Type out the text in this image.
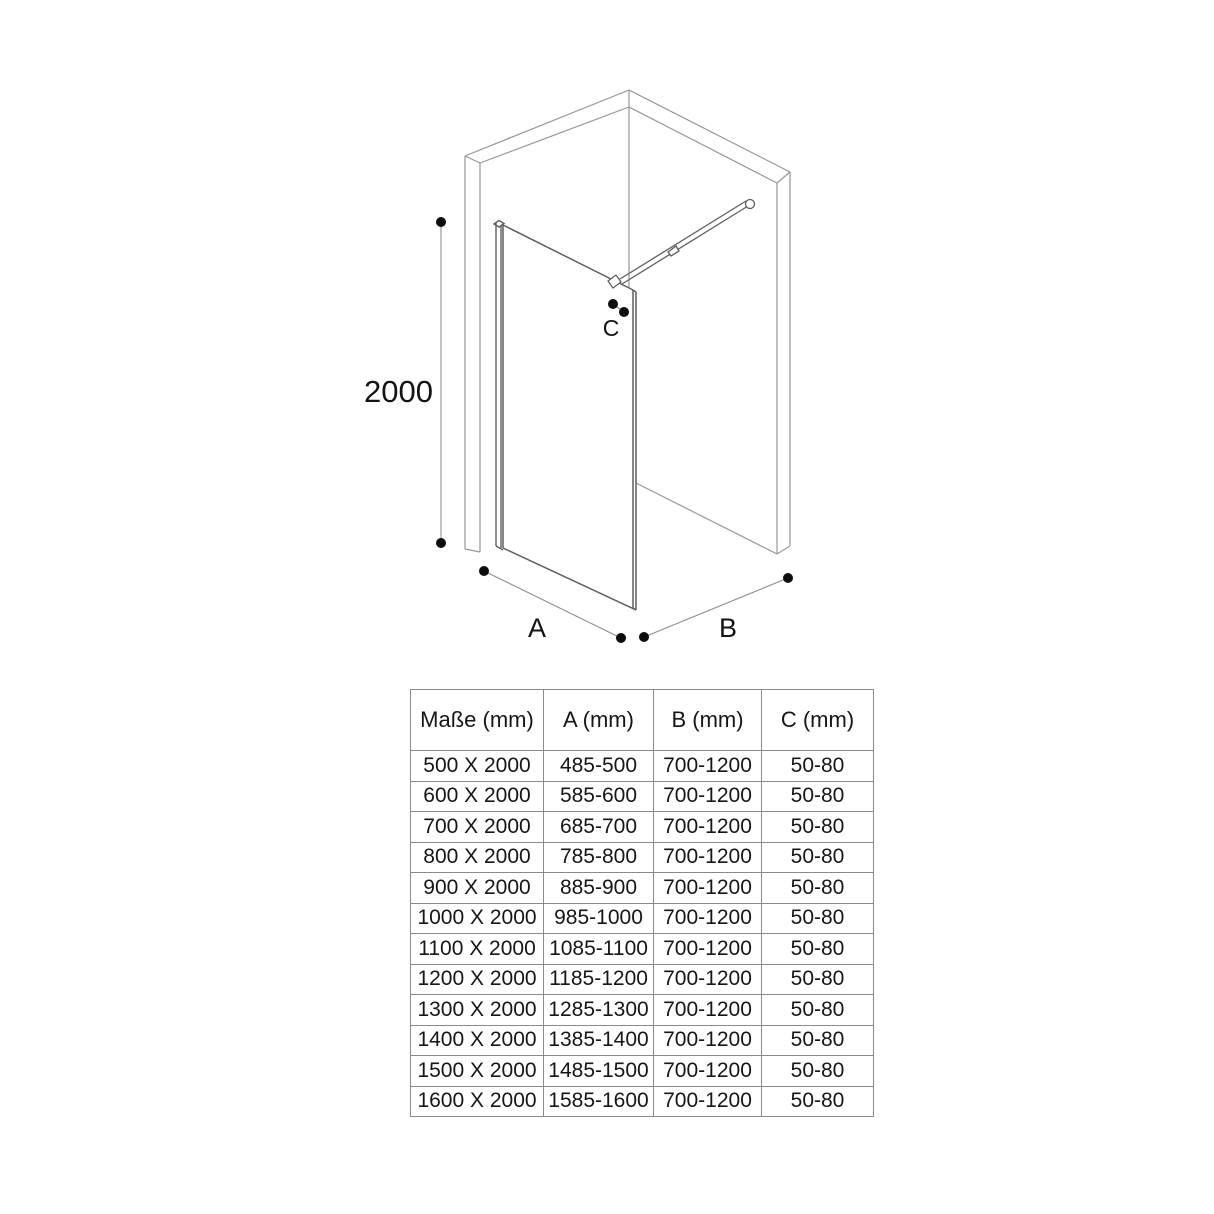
2000
A	B
C
Maße (mm)	A (mm)	B (mm)	C (mm)
500 X 2000	485-500	700-1200	50-80
600 X 2000	585-600	700-1200	50-80
700 X 2000	685-700	700-1200	50-80
800 X 2000	785-800	700-1200	50-80
900 X 2000	885-900	700-1200	50-80
1000 X 2000	985-1000	700-1200	50-80
1100 X 2000	1085-1100	700-1200	50-80
1200 X 2000	1185-1200	700-1200	50-80
1300 X 2000	1285-1300	700-1200	50-80
1400 X 2000	1385-1400	700-1200	50-80
1500 X 2000	1485-1500	700-1200	50-80
1600 X 2000	1585-1600	700-1200	50-80
